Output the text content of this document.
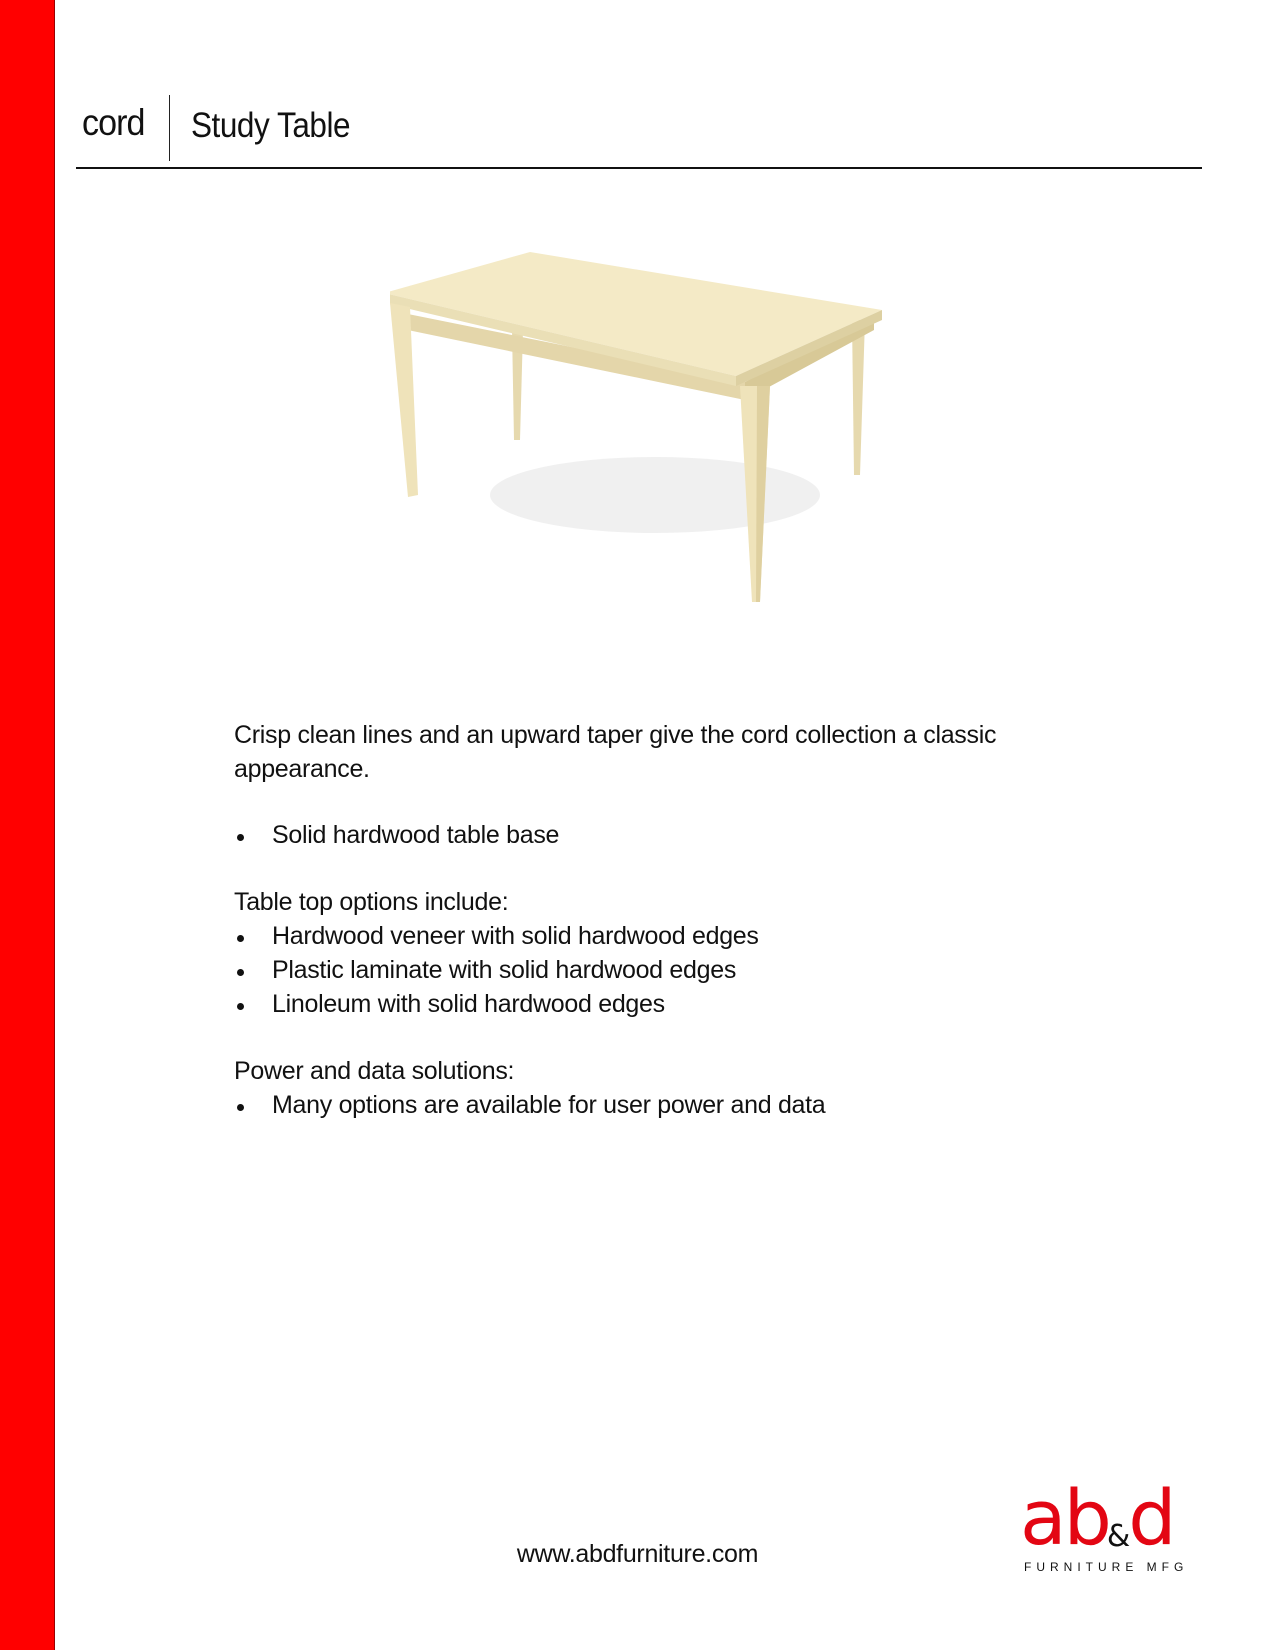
cord Study Table

Crisp clean lines and an upward taper give the cord collection a classic appearance.

Solid hardwood table base

Table top options include:

Hardwood veneer with solid hardwood edges
Plastic laminate with solid hardwood edges
Linoleum with solid hardwood edges

Power and data solutions:

Many options are available for user power and data
www.abdfurniture.com	ab&d
FURNITURE MFG
